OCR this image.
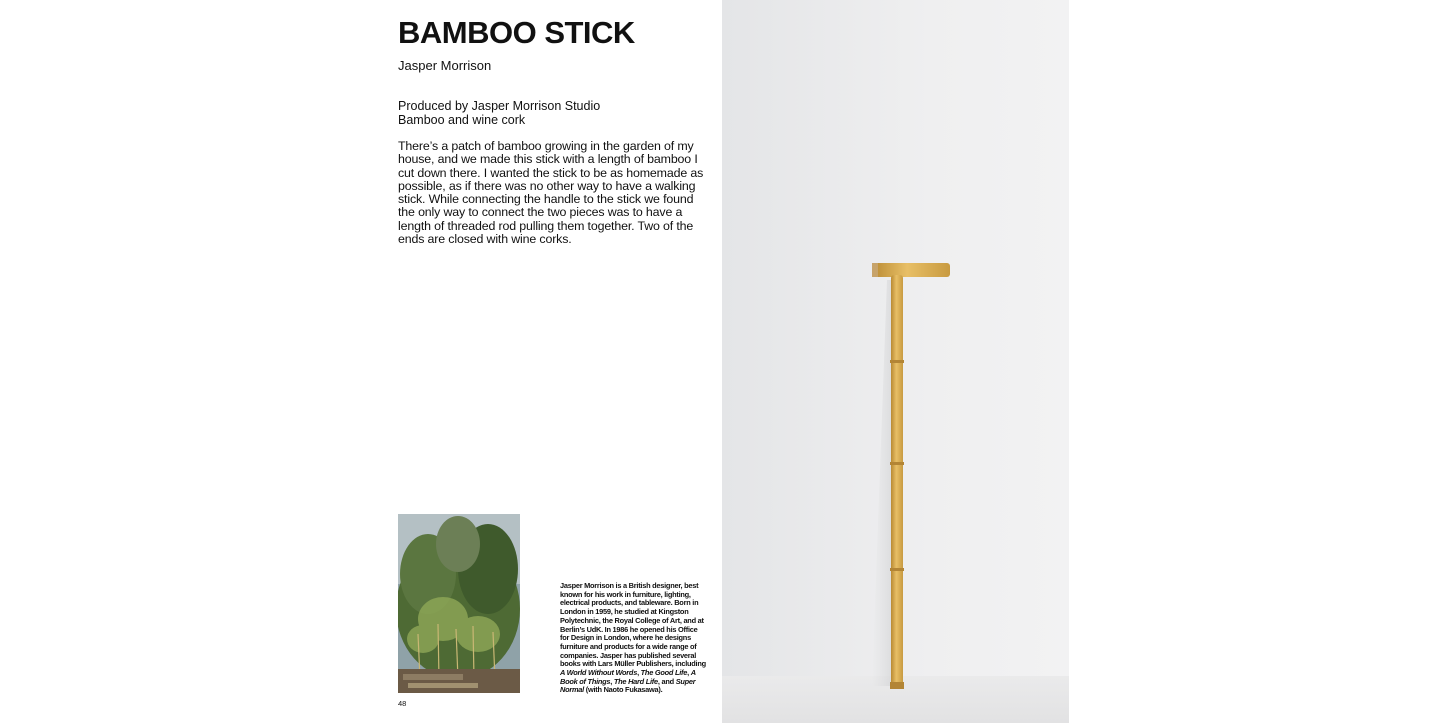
BAMBOO STICK
Jasper Morrison
Produced by Jasper Morrison Studio
Bamboo and wine cork

There’s a patch of bamboo growing in the garden of my house, and we made this stick with a length of bamboo I cut down there. I wanted the stick to be as homemade as possible, as if there was no other way to have a walking stick. While connecting the handle to the stick we found the only way to connect the two pieces was to have a length of threaded rod pulling them together. Two of the ends are closed with wine corks.

Jasper Morrison is a British designer, best known for his work in furniture, lighting, electrical products, and tableware. Born in London in 1959, he studied at Kingston Polytechnic, the Royal College of Art, and at Berlin’s UdK. In 1986 he opened his Office for Design in London, where he designs furniture and products for a wide range of companies. Jasper has published several books with Lars Müller Publishers, including A World Without Words, The Good Life, A Book of Things, The Hard Life, and Super Normal (with Naoto Fukasawa).
48
